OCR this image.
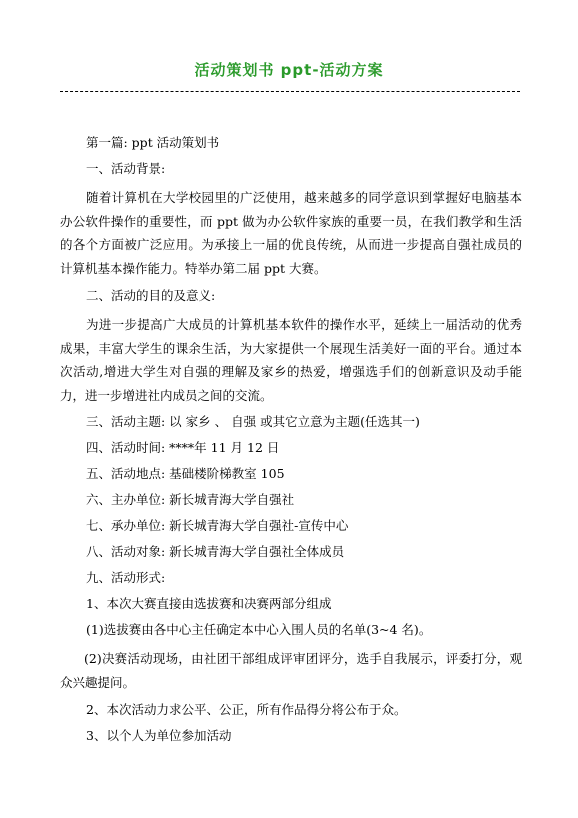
活动策划书 ppt-活动方案

第一篇: ppt 活动策划书

一、活动背景:

随着计算机在大学校园里的广泛使用，越来越多的同学意识到掌握好电脑基本办公软件操作的重要性，而 ppt 做为办公软件家族的重要一员，在我们教学和生活的各个方面被广泛应用。为承接上一届的优良传统，从而进一步提高自强社成员的计算机基本操作能力。特举办第二届 ppt 大赛。

二、活动的目的及意义:

为进一步提高广大成员的计算机基本软件的操作水平，延续上一届活动的优秀成果，丰富大学生的课余生活，为大家提供一个展现生活美好一面的平台。通过本次活动,增进大学生对自强的理解及家乡的热爱，增强选手们的创新意识及动手能力，进一步增进社内成员之间的交流。

三、活动主题: 以 家乡 、 自强 或其它立意为主题(任选其一)

四、活动时间: ****年 11 月 12 日

五、活动地点: 基础楼阶梯教室 105

六、主办单位: 新长城青海大学自强社

七、承办单位: 新长城青海大学自强社-宣传中心

八、活动对象: 新长城青海大学自强社全体成员

九、活动形式:

1、本次大赛直接由选拔赛和决赛两部分组成

(1)选拔赛由各中心主任确定本中心入围人员的名单(3~4 名)。

(2)决赛活动现场，由社团干部组成评审团评分，选手自我展示，评委打分，观众兴趣提问。

2、本次活动力求公平、公正，所有作品得分将公布于众。

3、以个人为单位参加活动
